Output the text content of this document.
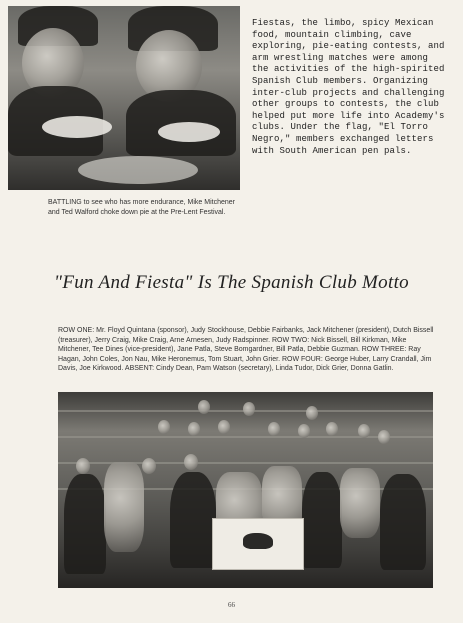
BATTLING to see who has more endurance, Mike Mitchener and Ted Walford choke down pie at the Pre-Lent Festival.
Fiestas, the limbo, spicy Mexican food, mountain climbing, cave exploring, pie-eating contests, and arm wrestling matches were among the activities of the high-spirited Spanish Club members. Organizing inter-club projects and challenging other groups to contests, the club helped put more life into Academy's clubs. Under the flag, "El Torro Negro," members exchanged letters with South American pen pals.
"Fun And Fiesta" Is The Spanish Club Motto
ROW ONE: Mr. Floyd Quintana (sponsor), Judy Stockhouse, Debbie Fairbanks, Jack Mitchener (president), Dutch Bissell (treasurer), Jerry Craig, Mike Craig, Arne Arnesen, Judy Radspinner. ROW TWO: Nick Bissell, Bill Kirkman, Mike Mitchener, Tee Dines (vice-president), Jane Patla, Steve Bomgardner, Bill Patla, Debbie Guzman. ROW THREE: Ray Hagan, John Coles, Jon Nau, Mike Heronemus, Tom Stuart, John Grier. ROW FOUR: George Huber, Larry Crandall, Jim Davis, Joe Kirkwood. ABSENT: Cindy Dean, Pam Watson (secretary), Linda Tudor, Dick Grier, Donna Gatlin.
66
